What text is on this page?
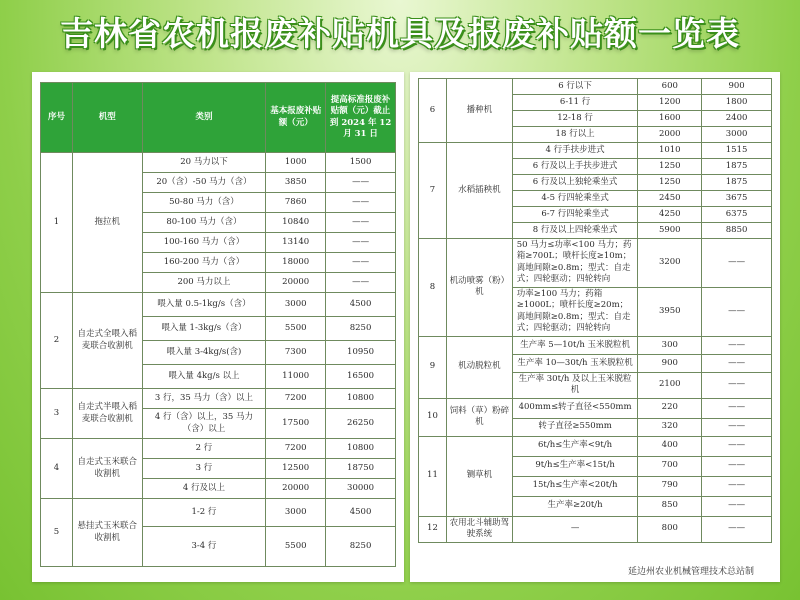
吉林省农机报废补贴机具及报废补贴额一览表
序号	机型	类别	基本报废补贴额（元）	提高标准报废补贴额（元）截止到 2024 年 12 月 31 日
1	拖拉机	20 马力以下	1000	1500
		20（含）-50 马力（含）	3850	——
		50-80 马力（含）	7860	——
		80-100 马力（含）	10840	——
		100-160 马力（含）	13140	——
		160-200 马力（含）	18000	——
		200 马力以上	20000	——
2	自走式全喂入稻麦联合收割机	喂入量 0.5-1kg/s（含）	3000	4500
		喂入量 1-3kg/s（含）	5500	8250
		喂入量 3-4kg/s(含)	7300	10950
		喂入量 4kg/s 以上	11000	16500
3	自走式半喂入稻麦联合收割机	3 行，35 马力（含）以上	7200	10800
		4 行（含）以上，35 马力（含）以上	17500	26250
4	自走式玉米联合收割机	2 行	7200	10800
		3 行	12500	18750
		4 行及以上	20000	30000
5	悬挂式玉米联合收割机	1-2 行	3000	4500
		3-4 行	5500	8250
6	播种机	6 行以下	600	900
		6-11 行	1200	1800
		12-18 行	1600	2400
		18 行以上	2000	3000
7	水稻插秧机	4 行手扶步进式	1010	1515
		6 行及以上手扶步进式	1250	1875
		6 行及以上独轮乘坐式	1250	1875
		4-5 行四轮乘坐式	2450	3675
		6-7 行四轮乘坐式	4250	6375
		8 行及以上四轮乘坐式	5900	8850
8	机动喷雾（粉）机	50 马力≤功率<100 马力；药箱≥700L；喷杆长度≥10m；离地间隙≥0.8m；型式：自走式；四轮驱动；四轮转向	3200	——
		功率≥100 马力；药箱≥1000L；喷杆长度≥20m；离地间隙≥0.8m；型式：自走式；四轮驱动；四轮转向	3950	——
9	机动脱粒机	生产率 5—10t/h 玉米脱粒机	300	——
		生产率 10—30t/h 玉米脱粒机	900	——
		生产率 30t/h 及以上玉米脱粒机	2100	——
10	饲料（草）粉碎机	400mm≤转子直径<550mm	220	——
		转子直径≥550mm	320	——
11	铡草机	6t/h≤生产率<9t/h	400	——
		9t/h≤生产率<15t/h	700	——
		15t/h≤生产率<20t/h	790	——
		生产率≥20t/h	850	——
12	农用北斗辅助驾驶系统	—	800	——
延边州农业机械管理技术总站制
